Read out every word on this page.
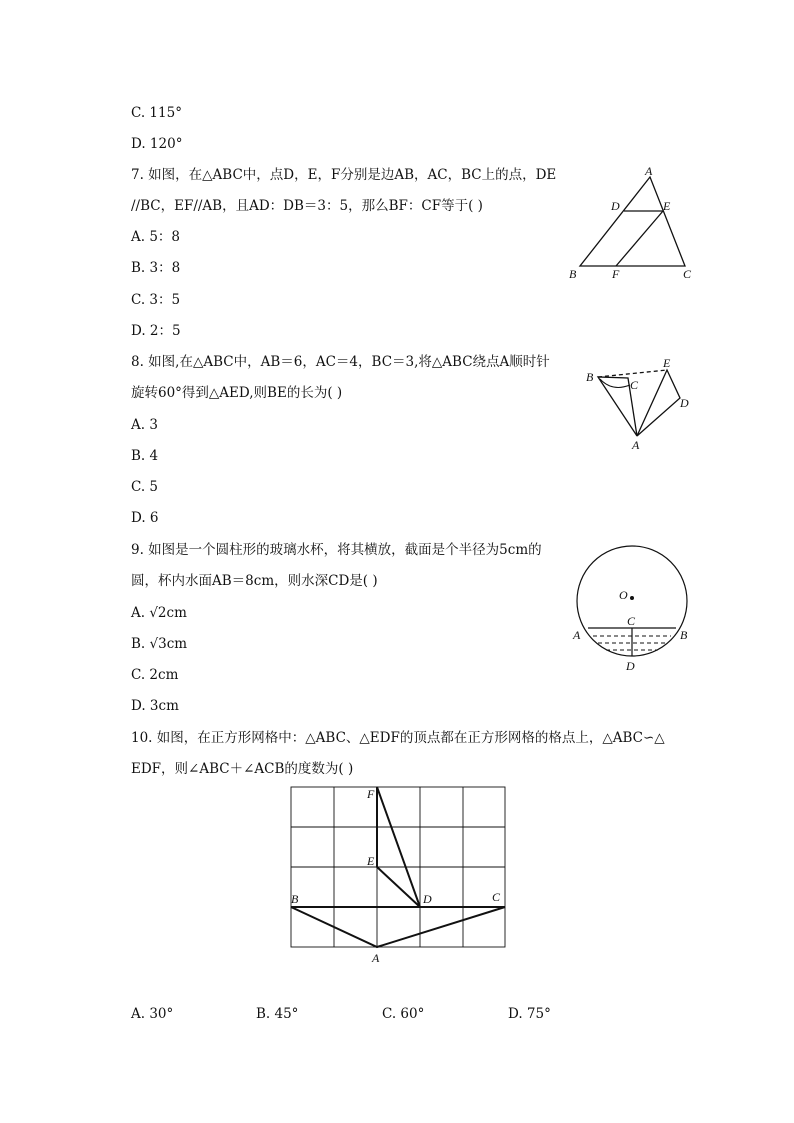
C. 115°
D. 120°
7. 如图，在△ABC中，点D，E，F分别是边AB，AC，BC上的点，DE
//BC，EF//AB，且AD：DB＝3：5，那么BF：CF等于( )
A. 5：8
B. 3：8
C. 3：5
D. 2：5
A
D	E
B	F	C
8. 如图,在△ABC中，AB＝6，AC＝4，BC＝3,将△ABC绕点A顺时针
旋转60°得到△AED,则BE的长为( )
A. 3
B. 4
C. 5
D. 6
B
C
E
D
A
9. 如图是一个圆柱形的玻璃水杯，将其横放，截面是个半径为5cm的
圆，杯内水面AB＝8cm，则水深CD是( )
A. √2cm
B. √3cm
C. 2cm
D. 3cm
O
A
C
B
D
10. 如图，在正方形网格中：△ABC、△EDF的顶点都在正方形网格的格点上，△ABC∽△
EDF，则∠ABC＋∠ACB的度数为( )
F
E
B	D	C
A
A. 30°	B. 45°	C. 60°	D. 75°
